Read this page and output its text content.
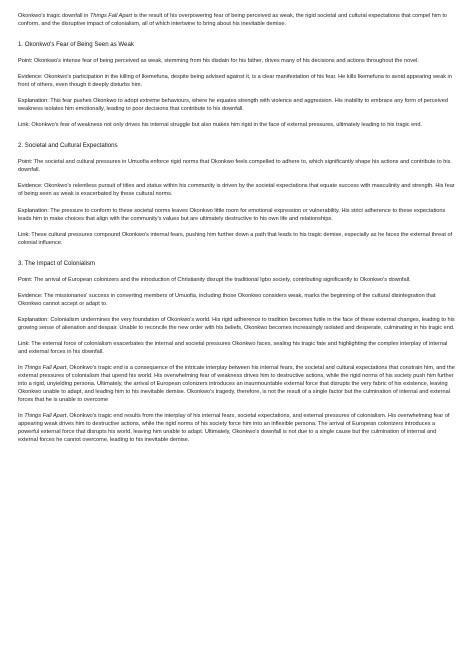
Okonkwo's tragic downfall in Things Fall Apart is the result of his overpowering fear of being perceived as weak, the rigid societal and cultural expectations that compel him to conform, and the disruptive impact of colonialism, all of which intertwine to bring about his inevitable demise.

1. Okonkwo's Fear of Being Seen as Weak

Point: Okonkwo's intense fear of being perceived as weak, stemming from his disdain for his father, drives many of his decisions and actions throughout the novel.

Evidence: Okonkwo's participation in the killing of Ikemefuna, despite being advised against it, is a clear manifestation of his fear. He kills Ikemefuna to avoid appearing weak in front of others, even though it deeply disturbs him.

Explanation: This fear pushes Okonkwo to adopt extreme behaviours, where he equates strength with violence and aggression. His inability to embrace any form of perceived weakness isolates him emotionally, leading to poor decisions that contribute to his downfall.

Link: Okonkwo's fear of weakness not only drives his internal struggle but also makes him rigid in the face of external pressures, ultimately leading to his tragic end.

2. Societal and Cultural Expectations

Point: The societal and cultural pressures in Umuofia enforce rigid norms that Okonkwo feels compelled to adhere to, which significantly shape his actions and contribute to his downfall.

Evidence: Okonkwo's relentless pursuit of titles and status within his community is driven by the societal expectations that equate success with masculinity and strength. His fear of being seen as weak is exacerbated by these cultural norms.

Explanation: The pressure to conform to these societal norms leaves Okonkwo little room for emotional expression or vulnerability. His strict adherence to these expectations leads him to make choices that align with the community's values but are ultimately destructive to his own life and relationships.

Link: These cultural pressures compound Okonkwo's internal fears, pushing him further down a path that leads to his tragic demise, especially as he faces the external threat of colonial influence.

3. The Impact of Colonialism

Point: The arrival of European colonizers and the introduction of Christianity disrupt the traditional Igbo society, contributing significantly to Okonkwo's downfall.

Evidence: The missionaries' success in converting members of Umuofia, including those Okonkwo considers weak, marks the beginning of the cultural disintegration that Okonkwo cannot accept or adapt to.

Explanation: Colonialism undermines the very foundation of Okonkwo's world. His rigid adherence to tradition becomes futile in the face of these external changes, leading to his growing sense of alienation and despair. Unable to reconcile the new order with his beliefs, Okonkwo becomes increasingly isolated and desperate, culminating in his tragic end.

Link: The external force of colonialism exacerbates the internal and societal pressures Okonkwo faces, sealing his tragic fate and highlighting the complex interplay of internal and external forces in his downfall.

In Things Fall Apart, Okonkwo's tragic end is a consequence of the intricate interplay between his internal fears, the societal and cultural expectations that constrain him, and the external pressures of colonialism that upend his world. His overwhelming fear of weakness drives him to destructive actions, while the rigid norms of his society push him further into a rigid, unyielding persona. Ultimately, the arrival of European colonizers introduces an insurmountable external force that disrupts the very fabric of his existence, leaving Okonkwo unable to adapt, and leading him to his inevitable demise. Okonkwo's tragedy, therefore, is not the result of a single factor but the culmination of internal and external forces that he is unable to overcome

In Things Fall Apart, Okonkwo's tragic end results from the interplay of his internal fears, societal expectations, and external pressures of colonialism. His overwhelming fear of appearing weak drives him to destructive actions, while the rigid norms of his society force him into an inflexible persona. The arrival of European colonizers introduces a powerful external force that disrupts his world, leaving him unable to adapt. Ultimately, Okonkwo's downfall is not due to a single cause but the culmination of internal and external forces he cannot overcome, leading to his inevitable demise.
